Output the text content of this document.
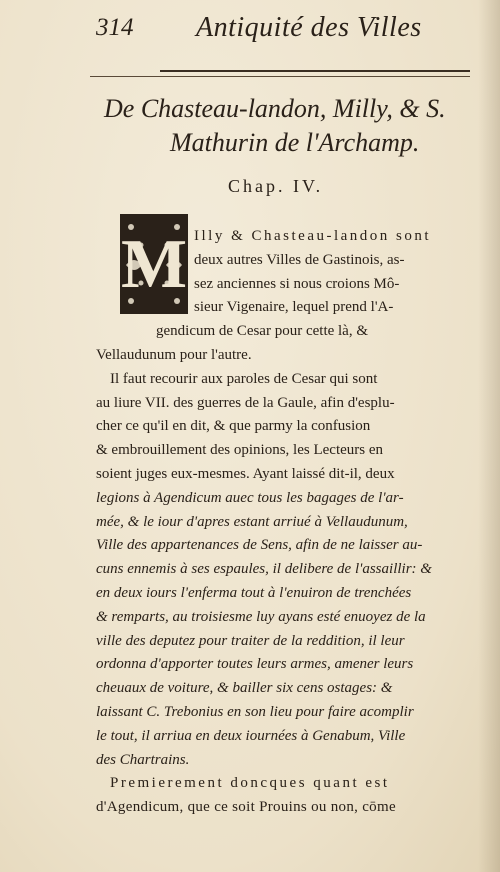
314 Antiquité des Villes
De Chasteau-landon, Milly, & S.
Mathurin de l'Archamp.
Chap. IV.
M Illy & Chasteau-landon sont
deux autres Villes de Gastinois, as-
sez anciennes si nous croions Mô-
sieur Vigenaire, lequel prend l'A-
gendicum de Cesar pour cette là, &
Vellaudunum pour l'autre.

Il faut recourir aux paroles de Cesar qui sont
au liure VII. des guerres de la Gaule, afin d'esplu-
cher ce qu'il en dit, & que parmy la confusion
& embrouillement des opinions, les Lecteurs en
soient juges eux-mesmes. Ayant laissé dit-il, deux
legions à Agendicum auec tous les bagages de l'ar-
mée, & le iour d'apres estant arriué à Vellaudunum,
Ville des appartenances de Sens, afin de ne laisser au-
cuns ennemis à ses espaules, il delibere de l'assaillir: &
en deux iours l'enferma tout à l'enuiron de trenchées
& remparts, au troisiesme luy ayans esté enuoyez de la
ville des deputez pour traiter de la reddition, il leur
ordonna d'apporter toutes leurs armes, amener leurs
cheuaux de voiture, & bailler six cens ostages: &
laissant C. Trebonius en son lieu pour faire acomplir
le tout, il arriua en deux iournées à Genabum, Ville
des Chartrains.

Premierement doncques quant est
d'Agendicum, que ce soit Prouins ou non, cōme
